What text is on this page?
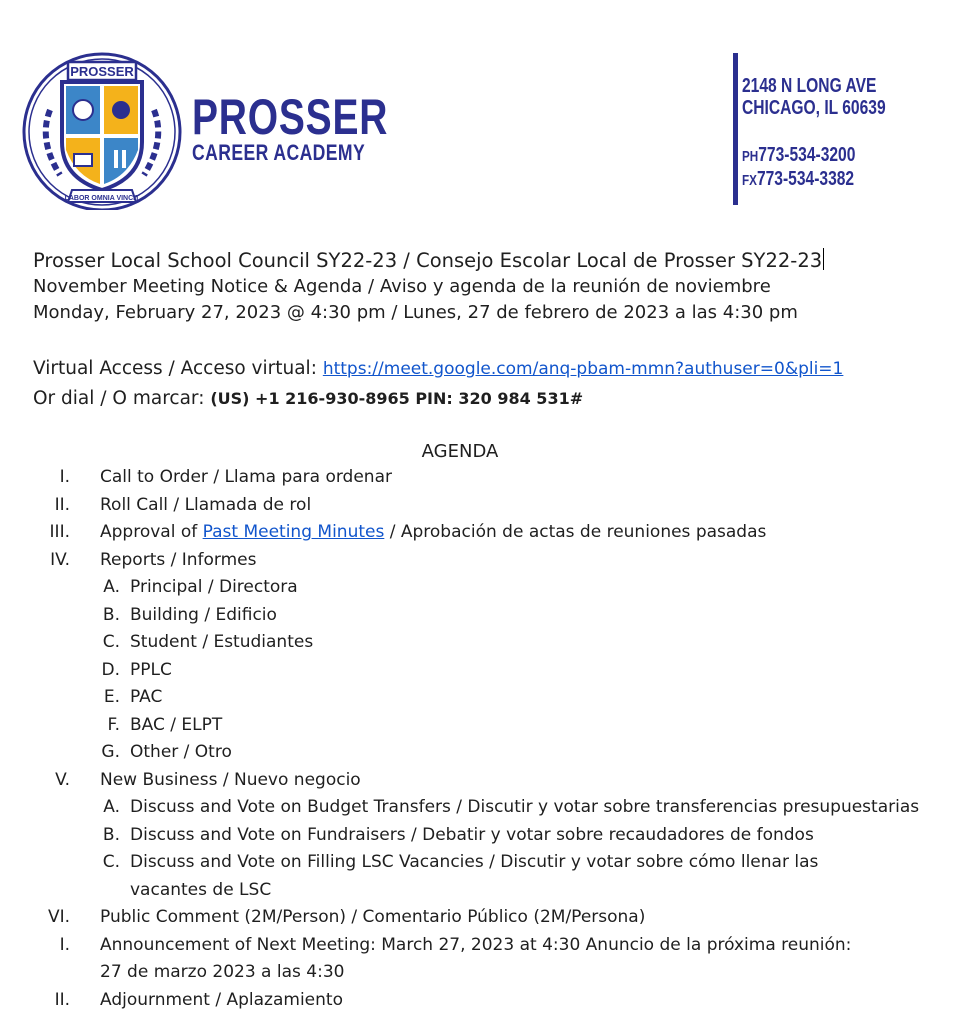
PROSSER
LABOR OMNIA VINCIT
PROSSER
CAREER ACADEMY
2148 N LONG AVE
CHICAGO, IL 60639
PH773-534-3200
FX773-534-3382
Prosser Local School Council SY22-23 / Consejo Escolar Local de Prosser SY22-23
November Meeting Notice & Agenda / Aviso y agenda de la reunión de noviembre
Monday, February 27, 2023 @ 4:30 pm / Lunes, 27 de febrero de 2023 a las 4:30 pm
Virtual Access / Acceso virtual: https://meet.google.com/anq-pbam-mmn?authuser=0&pli=1
Or dial / O marcar: (US) +1 216-930-8965 PIN: 320 984 531#
AGENDA
I. Call to Order / Llama para ordenar
II. Roll Call / Llamada de rol
III. Approval of Past Meeting Minutes / Aprobación de actas de reuniones pasadas
IV. Reports / Informes
A. Principal / Directora
B. Building / Edificio
C. Student / Estudiantes
D. PPLC
E. PAC
F. BAC / ELPT
G. Other / Otro
V. New Business / Nuevo negocio
A. Discuss and Vote on Budget Transfers / Discutir y votar sobre transferencias presupuestarias
B. Discuss and Vote on Fundraisers / Debatir y votar sobre recaudadores de fondos
C. Discuss and Vote on Filling LSC Vacancies / Discutir y votar sobre cómo llenar las
vacantes de LSC
VI. Public Comment (2M/Person) / Comentario Público (2M/Persona)
I. Announcement of Next Meeting: March 27, 2023 at 4:30 Anuncio de la próxima reunión:
27 de marzo 2023 a las 4:30
II. Adjournment / Aplazamiento
